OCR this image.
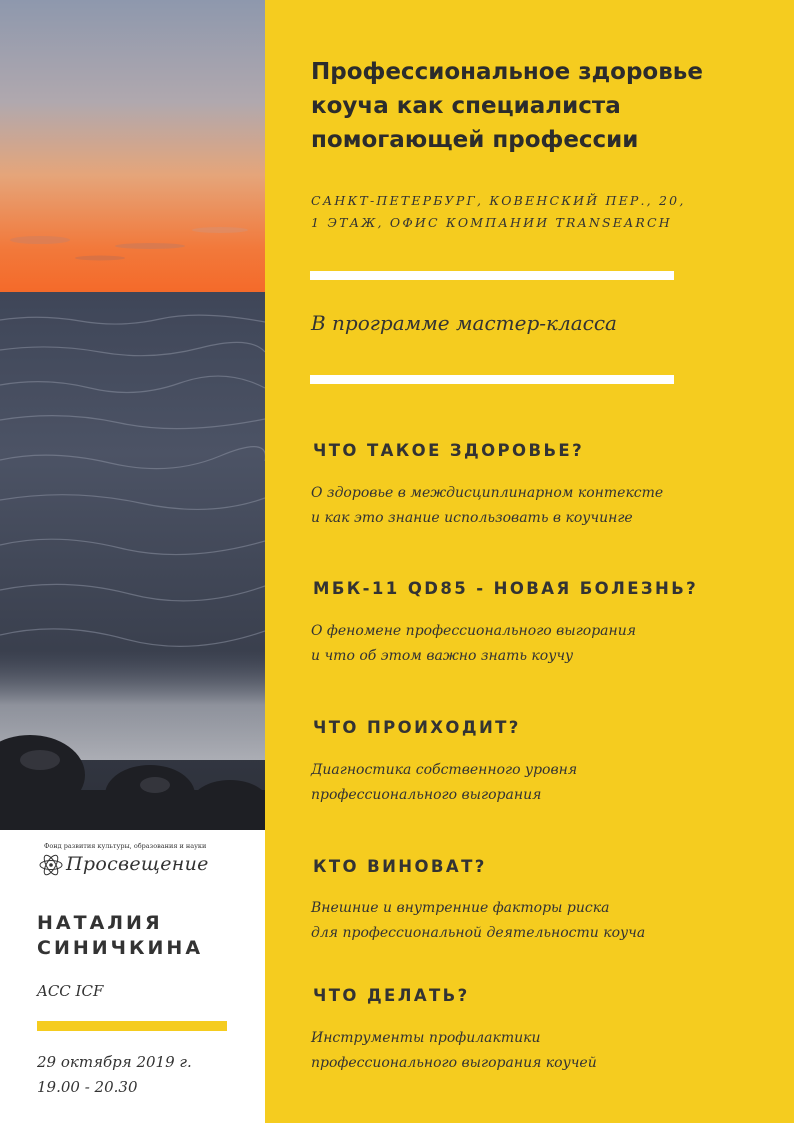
Фонд развития культуры, образования и науки
Просвещение
НАТАЛИЯ
СИНИЧКИНА
ACC ICF
29 октября 2019 г.
19.00 - 20.30
Профессиональное здоровье
коуча как специалиста
помогающей профессии
САНКТ-ПЕТЕРБУРГ, КОВЕНСКИЙ ПЕР., 20,
1 ЭТАЖ, ОФИС КОМПАНИИ TRANSEARCH
В программе мастер-класса
ЧТО ТАКОЕ ЗДОРОВЬЕ?
О здоровье в междисциплинарном контексте
и как это знание использовать в коучинге
МБК-11 QD85 - НОВАЯ БОЛЕЗНЬ?
О феномене профессионального выгорания
и что об этом важно знать коучу
ЧТО ПРОИХОДИТ?
Диагностика собственного уровня
профессионального выгорания
КТО ВИНОВАТ?
Внешние и внутренние факторы риска
для профессиональной деятельности коуча
ЧТО ДЕЛАТЬ?
Инструменты профилактики
профессионального выгорания коучей
